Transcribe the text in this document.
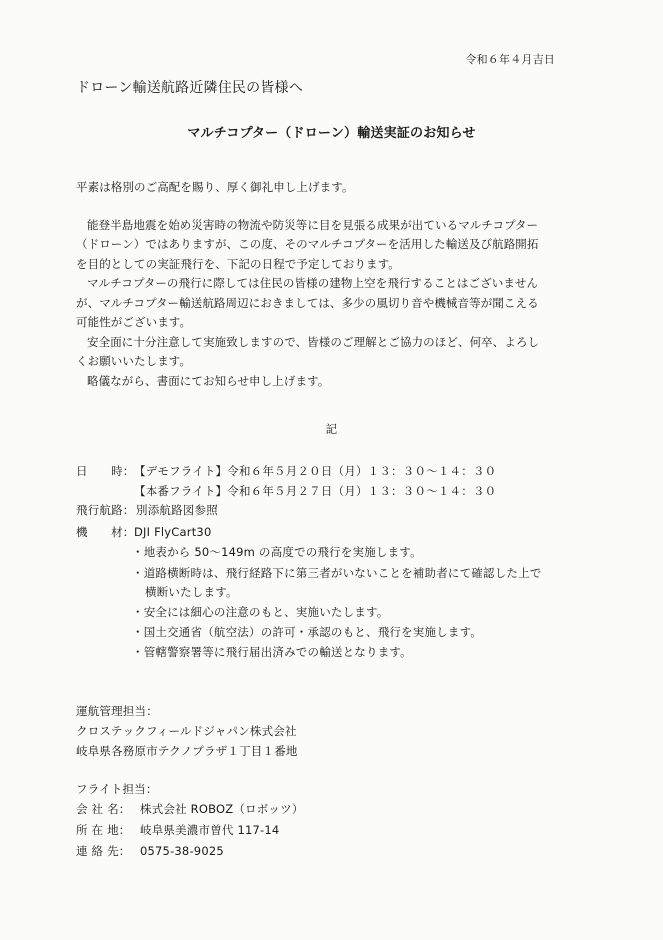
令和６年４月吉日
ドローン輸送航路近隣住民の皆様へ
マルチコプター（ドローン）輸送実証のお知らせ

平素は格別のご高配を賜り、厚く御礼申し上げます。

能登半島地震を始め災害時の物流や防災等に目を見張る成果が出ているマルチコプター

（ドローン）ではありますが、この度、そのマルチコプターを活用した輸送及び航路開拓

を目的としての実証飛行を、下記の日程で予定しております。

マルチコプターの飛行に際しては住民の皆様の建物上空を飛行することはございません

が、マルチコプター輸送航路周辺におきましては、多少の風切り音や機械音等が聞こえる

可能性がございます。

安全面に十分注意して実施致しますので、皆様のご理解とご協力のほど、何卒、よろし

くお願いいたします。

略儀ながら、書面にてお知らせ申し上げます。

記
日　　時： 【デモフライト】令和６年５月２０日（月）１３：３０〜１４：３０
【本番フライト】令和６年５月２７日（月）１３：３０〜１４：３０
飛行航路： 別添航路図参照
機　　材： DJI FlyCart30
・地表から 50〜149m の高度での飛行を実施します。
・道路横断時は、飛行経路下に第三者がいないことを補助者にて確認した上で
横断いたします。
・安全には細心の注意のもと、実施いたします。
・国土交通省（航空法）の許可・承認のもと、飛行を実施します。
・管轄警察署等に飛行届出済みでの輸送となります。
運航管理担当：
クロステックフィールドジャパン株式会社
岐阜県各務原市テクノプラザ１丁目１番地
フライト担当：
会 社 名： 株式会社 ROBOZ（ロボッツ）
所 在 地： 岐阜県美濃市曽代 117-14
連 絡 先： 0575-38-9025
